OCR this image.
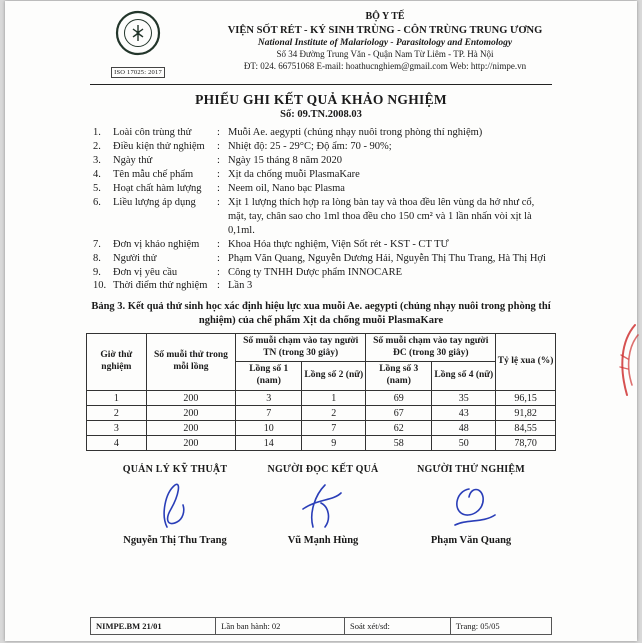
ISO 17025: 2017
BỘ Y TẾ
VIỆN SỐT RÉT - KÝ SINH TRÙNG - CÔN TRÙNG TRUNG ƯƠNG
National Institute of Malariology - Parasitology and Entomology
Số 34 Đường Trung Văn - Quận Nam Từ Liêm - TP. Hà Nội
ĐT: 024. 66751068 E-mail: hoathucnghiem@gmail.com Web: http://nimpe.vn
PHIẾU GHI KẾT QUẢ KHẢO NGHIỆM
Số: 09.TN.2008.03
1.	Loài côn trùng thử	: Muỗi Ae. aegypti (chủng nhạy nuôi trong phòng thí nghiệm)
2.	Điều kiện thử nghiệm	: Nhiệt độ: 25 - 29°C; Độ ẩm: 70 - 90%;
3.	Ngày thử	: Ngày 15 tháng 8 năm 2020
4.	Tên mẫu chế phẩm	: Xịt da chống muỗi PlasmaKare
5.	Hoạt chất hàm lượng	: Neem oil, Nano bạc Plasma
6.	Liều lượng áp dụng	: Xịt 1 lượng thích hợp ra lòng bàn tay và thoa đều lên vùng da hở như cổ, mặt, tay, chân sao cho 1ml thoa đều cho 150 cm² và 1 lần nhấn vòi xịt là 0,1ml.
7.	Đơn vị khảo nghiệm	: Khoa Hóa thực nghiệm, Viện Sốt rét - KST - CT TƯ
8.	Người thử	: Phạm Văn Quang, Nguyễn Dương Hải, Nguyễn Thị Thu Trang, Hà Thị Hợi
9.	Đơn vị yêu cầu	: Công ty TNHH Dược phẩm INNOCARE
10. Thời điểm thử nghiệm : Lần 3
Bảng 3. Kết quả thử sinh học xác định hiệu lực xua muỗi Ae. aegypti (chủng nhạy nuôi trong phòng thí nghiệm) của chế phẩm Xịt da chống muỗi PlasmaKare
Giờ thử nghiệm	Số muỗi thử trong mỗi lồng	Số muỗi chạm vào tay người TN (trong 30 giây)		Số muỗi chạm vào tay người ĐC (trong 30 giây)		Tỷ lệ xua (%)
		Lồng số 1 (nam)	Lồng số 2 (nữ)	Lồng số 3 (nam)	Lồng số 4 (nữ)	
1	200	3	1	69	35	96,15
2	200	7	2	67	43	91,82
3	200	10	7	62	48	84,55
4	200	14	9	58	50	78,70
QUẢN LÝ KỸ THUẬT
Nguyễn Thị Thu Trang
NGƯỜI ĐỌC KẾT QUẢ
Vũ Mạnh Hùng
NGƯỜI THỬ NGHIỆM
Phạm Văn Quang
NIMPE.BM 21/01	Lần ban hành: 02	Soát xét/sđ:	Trang: 05/05
